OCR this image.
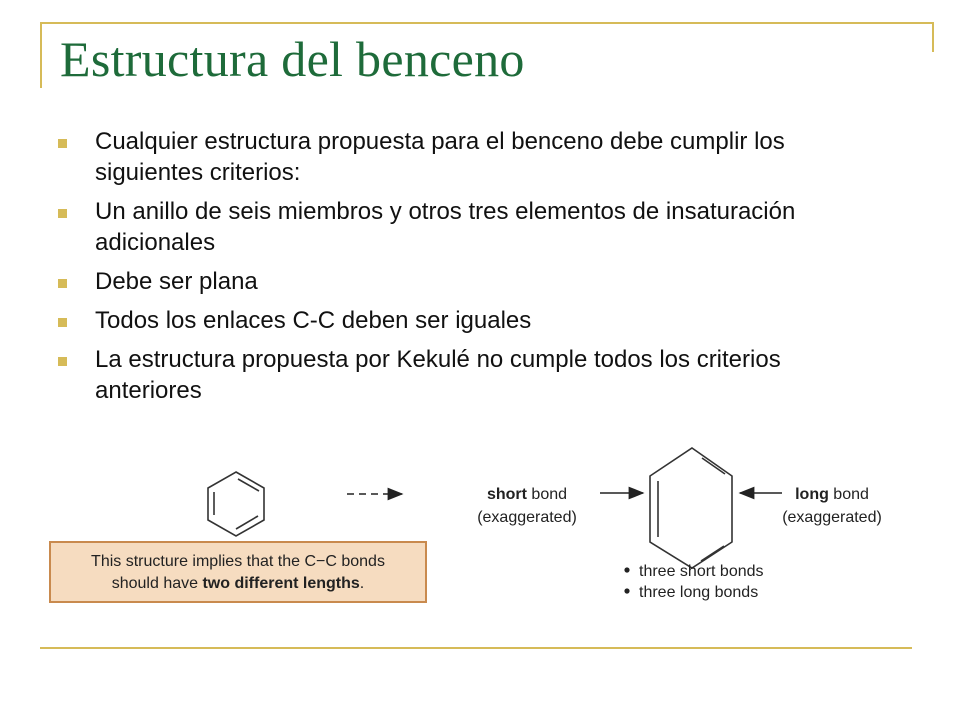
Estructura del benceno
Cualquier estructura propuesta para el benceno debe cumplir los siguientes criterios:
Un anillo de seis miembros y otros tres elementos de insaturación adicionales
Debe ser plana
Todos los enlaces C-C deben ser iguales
La estructura propuesta por Kekulé no cumple todos los criterios anteriores
short bond
(exaggerated)
long bond
(exaggerated)
This structure implies that the C−C bonds
should have two different lengths.
three short bonds
three long bonds
